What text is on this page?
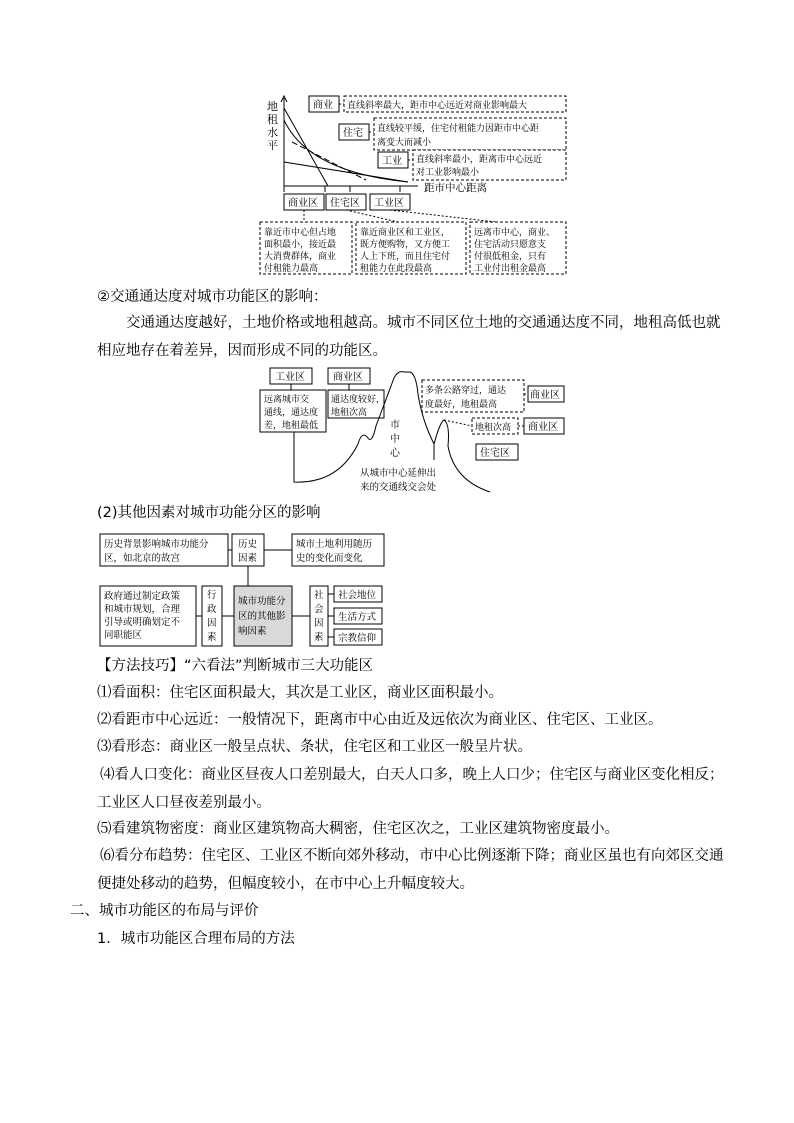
地
租
水
平
距市中心距离
商业 直线斜率最大，距市中心远近对商业影响最大
住宅 直线较平缓，住宅付租能力因距市中心距
离变大而减小
工业 直线斜率最小，距离市中心远近
对工业影响最小
商业区 住宅区 工业区
靠近市中心但占地
面积最小，接近最
大消费群体，商业
付租能力最高
靠近商业区和工业区，
既方便购物，又方便工
人上下班，而且住宅付
租能力在此段最高
远离市中心，商业、
住宅活动只愿意支
付很低租金，只有
工业付出租金最高
②交通通达度对城市功能区的影响：
交通通达度越好，土地价格或地租越高。城市不同区位土地的交通通达度不同，地租高低也就相应地存在着差异，因而形成不同的功能区。
工业区	商业区
远离城市交
通线，通达度
差，地租最低
通达度较好，
地租次高
市
中
心
多条公路穿过，通达
度最好，地租最高
商业区
地租次高 商业区
住宅区
从城市中心延伸出
来的交通线交会处
(2)其他因素对城市功能分区的影响
历史背景影响城市功能分
区，如北京的故宫
历史
因素
城市土地利用随历
史的变化而变化
政府通过制定政策
和城市规划，合理
引导或明确划定不
同职能区
行
政
因
素
城市功能分
区的其他影
响因素
社
会
因
素
社会地位
生活方式
宗教信仰
【方法技巧】“六看法”判断城市三大功能区
⑴看面积：住宅区面积最大，其次是工业区，商业区面积最小。
⑵看距市中心远近：一般情况下，距离市中心由近及远依次为商业区、住宅区、工业区。
⑶看形态：商业区一般呈点状、条状，住宅区和工业区一般呈片状。
⑷看人口变化：商业区昼夜人口差别最大，白天人口多，晚上人口少；住宅区与商业区变化相反；工业区人口昼夜差别最小。
⑸看建筑物密度：商业区建筑物高大稠密，住宅区次之，工业区建筑物密度最小。
⑹看分布趋势：住宅区、工业区不断向郊外移动，市中心比例逐渐下降；商业区虽也有向郊区交通便捷处移动的趋势，但幅度较小，在市中心上升幅度较大。
二、城市功能区的布局与评价
1．城市功能区合理布局的方法
